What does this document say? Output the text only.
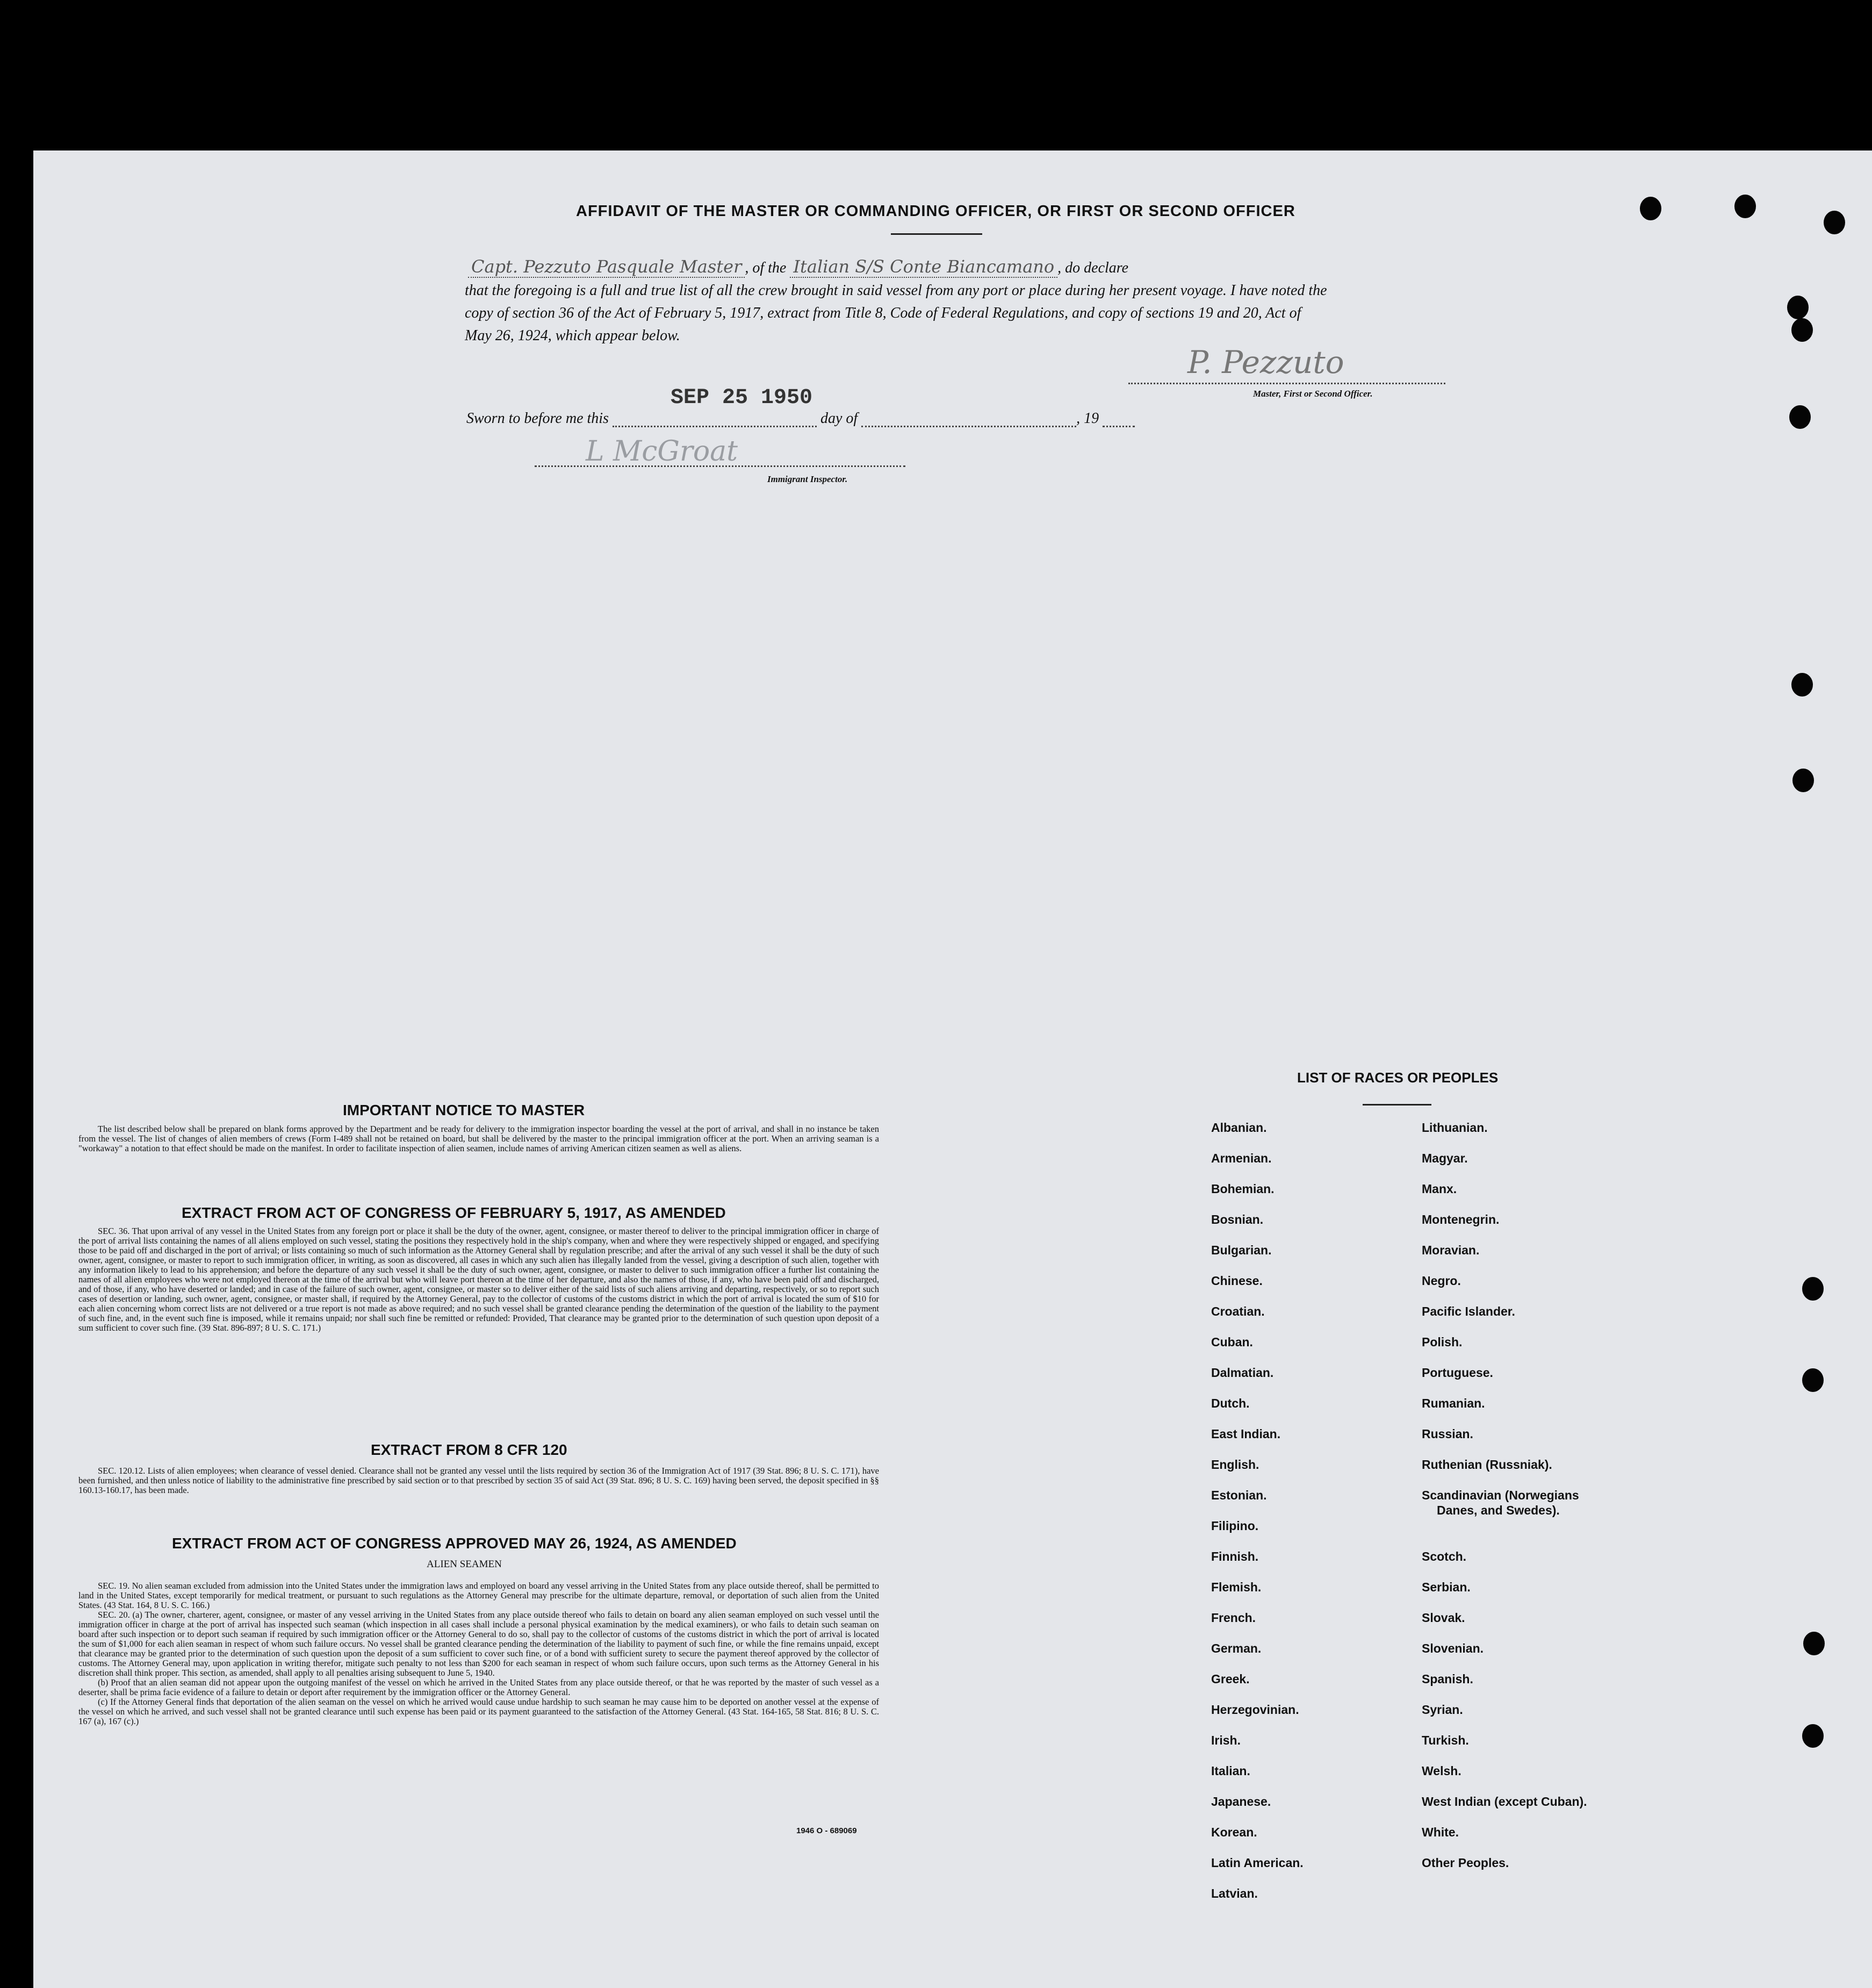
AFFIDAVIT OF THE MASTER OR COMMANDING OFFICER, OR FIRST OR SECOND OFFICER
Capt. Pezzuto Pasquale Master , of the Italian S/S Conte Biancamano , do declare
that the foregoing is a full and true list of all the crew brought in said vessel from any port or place during her present voyage. I have noted the
copy of section 36 of the Act of February 5, 1917, extract from Title 8, Code of Federal Regulations, and copy of sections 19 and 20, Act of
May 26, 1924, which appear below.
P. Pezzuto
Master, First or Second Officer.
SEP 25 1950
Sworn to before me this	day of	, 19
L McGroat
Immigrant Inspector.
IMPORTANT NOTICE TO MASTER

The list described below shall be prepared on blank forms approved by the Department and be ready for delivery to the immigration inspector boarding the vessel at the port of arrival, and shall in no instance be taken from the vessel. The list of changes of alien members of crews (Form I-489 shall not be retained on board, but shall be delivered by the master to the principal immigration officer at the port. When an arriving seaman is a "workaway" a notation to that effect should be made on the manifest. In order to facilitate inspection of alien seamen, include names of arriving American citizen seamen as well as aliens.

EXTRACT FROM ACT OF CONGRESS OF FEBRUARY 5, 1917, AS AMENDED

SEC. 36. That upon arrival of any vessel in the United States from any foreign port or place it shall be the duty of the owner, agent, consignee, or master thereof to deliver to the principal immigration officer in charge of the port of arrival lists containing the names of all aliens employed on such vessel, stating the positions they respectively hold in the ship's company, when and where they were respectively shipped or engaged, and specifying those to be paid off and discharged in the port of arrival; or lists containing so much of such information as the Attorney General shall by regulation prescribe; and after the arrival of any such vessel it shall be the duty of such owner, agent, consignee, or master to report to such immigration officer, in writing, as soon as discovered, all cases in which any such alien has illegally landed from the vessel, giving a description of such alien, together with any information likely to lead to his apprehension; and before the departure of any such vessel it shall be the duty of such owner, agent, consignee, or master to deliver to such immigration officer a further list containing the names of all alien employees who were not employed thereon at the time of the arrival but who will leave port thereon at the time of her departure, and also the names of those, if any, who have been paid off and discharged, and of those, if any, who have deserted or landed; and in case of the failure of such owner, agent, consignee, or master so to deliver either of the said lists of such aliens arriving and departing, respectively, or so to report such cases of desertion or landing, such owner, agent, consignee, or master shall, if required by the Attorney General, pay to the collector of customs of the customs district in which the port of arrival is located the sum of $10 for each alien concerning whom correct lists are not delivered or a true report is not made as above required; and no such vessel shall be granted clearance pending the determination of the question of the liability to the payment of such fine, and, in the event such fine is imposed, while it remains unpaid; nor shall such fine be remitted or refunded: Provided, That clearance may be granted prior to the determination of such question upon deposit of a sum sufficient to cover such fine. (39 Stat. 896-897; 8 U. S. C. 171.)

EXTRACT FROM 8 CFR 120

SEC. 120.12. Lists of alien employees; when clearance of vessel denied. Clearance shall not be granted any vessel until the lists required by section 36 of the Immigration Act of 1917 (39 Stat. 896; 8 U. S. C. 171), have been furnished, and then unless notice of liability to the administrative fine prescribed by said section or to that prescribed by section 35 of said Act (39 Stat. 896; 8 U. S. C. 169) having been served, the deposit specified in §§ 160.13-160.17, has been made.

EXTRACT FROM ACT OF CONGRESS APPROVED MAY 26, 1924, AS AMENDED
ALIEN SEAMEN

SEC. 19. No alien seaman excluded from admission into the United States under the immigration laws and employed on board any vessel arriving in the United States from any place outside thereof, shall be permitted to land in the United States, except temporarily for medical treatment, or pursuant to such regulations as the Attorney General may prescribe for the ultimate departure, removal, or deportation of such alien from the United States. (43 Stat. 164, 8 U. S. C. 166.)

SEC. 20. (a) The owner, charterer, agent, consignee, or master of any vessel arriving in the United States from any place outside thereof who fails to detain on board any alien seaman employed on such vessel until the immigration officer in charge at the port of arrival has inspected such seaman (which inspection in all cases shall include a personal physical examination by the medical examiners), or who fails to detain such seaman on board after such inspection or to deport such seaman if required by such immigration officer or the Attorney General to do so, shall pay to the collector of customs of the customs district in which the port of arrival is located the sum of $1,000 for each alien seaman in respect of whom such failure occurs. No vessel shall be granted clearance pending the determination of the liability to payment of such fine, or while the fine remains unpaid, except that clearance may be granted prior to the determination of such question upon the deposit of a sum sufficient to cover such fine, or of a bond with sufficient surety to secure the payment thereof approved by the collector of customs. The Attorney General may, upon application in writing therefor, mitigate such penalty to not less than $200 for each seaman in respect of whom such failure occurs, upon such terms as the Attorney General in his discretion shall think proper. This section, as amended, shall apply to all penalties arising subsequent to June 5, 1940.

(b) Proof that an alien seaman did not appear upon the outgoing manifest of the vessel on which he arrived in the United States from any place outside thereof, or that he was reported by the master of such vessel as a deserter, shall be prima facie evidence of a failure to detain or deport after requirement by the immigration officer or the Attorney General.

(c) If the Attorney General finds that deportation of the alien seaman on the vessel on which he arrived would cause undue hardship to such seaman he may cause him to be deported on another vessel at the expense of the vessel on which he arrived, and such vessel shall not be granted clearance until such expense has been paid or its payment guaranteed to the satisfaction of the Attorney General. (43 Stat. 164-165, 58 Stat. 816; 8 U. S. C. 167 (a), 167 (c).)

1946 O - 689069
LIST OF RACES OR PEOPLES
Albanian.
Armenian.
Bohemian.
Bosnian.
Bulgarian.
Chinese.
Croatian.
Cuban.
Dalmatian.
Dutch.
East Indian.
English.
Estonian.
Filipino.
Finnish.
Flemish.
French.
German.
Greek.
Herzegovinian.
Irish.
Italian.
Japanese.
Korean.
Latin American.
Latvian.
Lithuanian.
Magyar.
Manx.
Montenegrin.
Moravian.
Negro.
Pacific Islander.
Polish.
Portuguese.
Rumanian.
Russian.
Ruthenian (Russniak).
Scandinavian (Norwegians
Danes, and Swedes).
Scotch.
Serbian.
Slovak.
Slovenian.
Spanish.
Syrian.
Turkish.
Welsh.
West Indian (except Cuban).
White.
Other Peoples.
